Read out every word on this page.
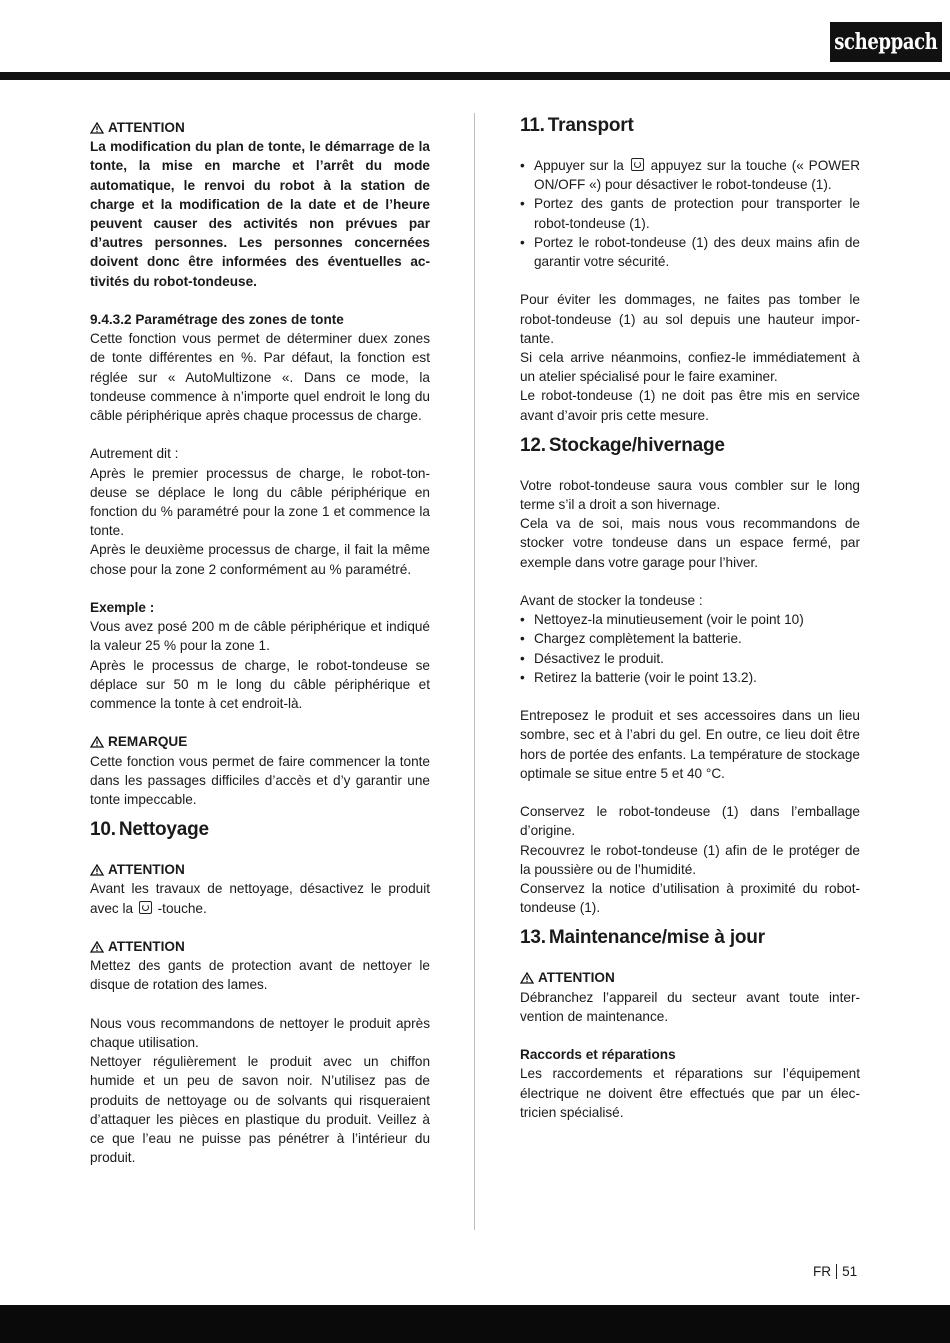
scheppach
ATTENTION

La modification du plan de tonte, le démarrage de la tonte, la mise en marche et l’arrêt du mode automatique, le renvoi du robot à la station de charge et la modification de la date et de l’heure peuvent causer des activités non prévues par d’autres personnes. Les personnes concernées doivent donc être informées des éventuelles activités du robot-tondeuse.

9.4.3.2 Paramétrage des zones de tonte

Cette fonction vous permet de déterminer duex zones de tonte différentes en %. Par défaut, la fonction est réglée sur « AutoMultizone «. Dans ce mode, la tondeuse commence à n’importe quel endroit le long du câble périphérique après chaque processus de charge.

Autrement dit :

Après le premier processus de charge, le robot-tondeuse se déplace le long du câble périphérique en fonction du % paramétré pour la zone 1 et commence la tonte.

Après le deuxième processus de charge, il fait la même chose pour la zone 2 conformément au % paramétré.

Exemple :

Vous avez posé 200 m de câble périphérique et indiqué la valeur 25 % pour la zone 1.

Après le processus de charge, le robot-tondeuse se déplace sur 50 m le long du câble périphérique et commence la tonte à cet endroit-là.

REMARQUE

Cette fonction vous permet de faire commencer la tonte dans les passages difficiles d’accès et d’y garantir une tonte impeccable.

10. Nettoyage
ATTENTION

Avant les travaux de nettoyage, désactivez le produit avec la -touche.

ATTENTION

Mettez des gants de protection avant de nettoyer le disque de rotation des lames.

Nous vous recommandons de nettoyer le produit après chaque utilisation.

Nettoyer régulièrement le produit avec un chiffon humide et un peu de savon noir. N’utilisez pas de produits de nettoyage ou de solvants qui risqueraient d’attaquer les pièces en plastique du produit. Veillez à ce que l’eau ne puisse pas pénétrer à l’intérieur du produit.

11. Transport
• Appuyer sur la appuyez sur la touche (« POWER ON/OFF «) pour désactiver le robot-tondeuse (1).
• Portez des gants de protection pour transporter le robot-tondeuse (1).
• Portez le robot-tondeuse (1) des deux mains afin de garantir votre sécurité.

Pour éviter les dommages, ne faites pas tomber le robot-tondeuse (1) au sol depuis une hauteur importante.

Si cela arrive néanmoins, confiez-le immédiatement à un atelier spécialisé pour le faire examiner.

Le robot-tondeuse (1) ne doit pas être mis en service avant d’avoir pris cette mesure.

12. Stockage/hivernage

Votre robot-tondeuse saura vous combler sur le long terme s’il a droit a son hivernage.

Cela va de soi, mais nous vous recommandons de stocker votre tondeuse dans un espace fermé, par exemple dans votre garage pour l’hiver.

Avant de stocker la tondeuse :

• Nettoyez-la minutieusement (voir le point 10)
• Chargez complètement la batterie.
• Désactivez le produit.
• Retirez la batterie (voir le point 13.2).

Entreposez le produit et ses accessoires dans un lieu sombre, sec et à l’abri du gel. En outre, ce lieu doit être hors de portée des enfants. La température de stockage optimale se situe entre 5 et 40 °C.

Conservez le robot-tondeuse (1) dans l’emballage d’origine.

Recouvrez le robot-tondeuse (1) afin de le protéger de la poussière ou de l’humidité.

Conservez la notice d’utilisation à proximité du robot-tondeuse (1).

13. Maintenance/mise à jour
ATTENTION

Débranchez l’appareil du secteur avant toute intervention de maintenance.

Raccords et réparations

Les raccordements et réparations sur l’équipement électrique ne doivent être effectués que par un électricien spécialisé.

FR 51
